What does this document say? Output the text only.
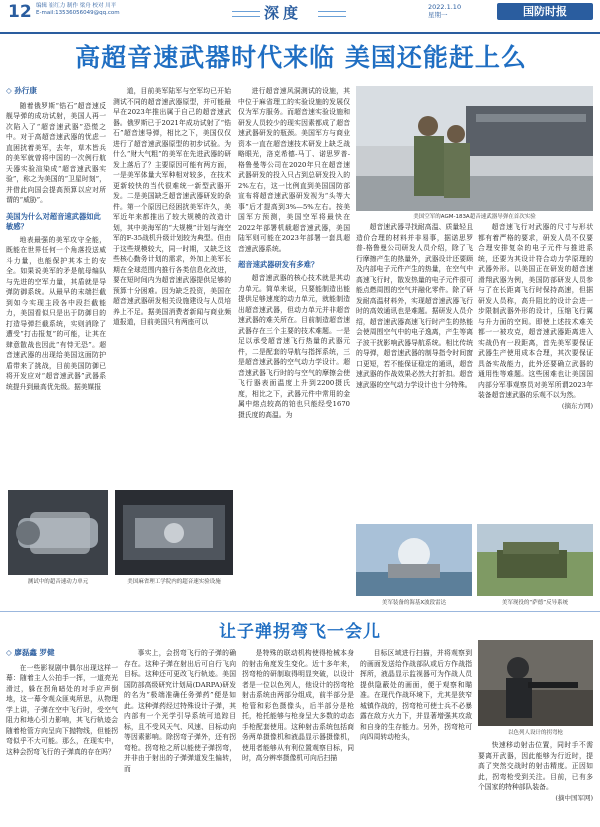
12 编辑 崔红力 制作 梁舟 校对 川平
E-mail:13536056049@qq.com	深度	2022.1.10
星期一	国防时报
高超音速武器时代来临 美国还能赶上么
◇ 孙行康

随着俄罗斯“锆石”超音速反舰导弹的成功试射，美国人再一次陷入了“超音速武器”恐慌之中。对于高超音速武器的忧虑一直困扰着美军，去年，草木皆兵的美军就曾将中国的一次例行航天器实验渲染成“超音速武器实验”，称之为美国的“卫星时刻”，并借此向国会提高预算以应对所谓的“威胁”。

美国为什么对超音速武器如此敏感？

地表最强的美军攻守全能，既能在世界任何一个角落投送威斗力量，也能保护其本土的安全。如果说美军的矛是航母编队与先进的空军力量，其盾就是导弹防御系统。从最早的末端拦截到如今实现主段各中段拦截能力，美国看似只是出于防御目的打造导弹拦截系统，实则消除了遭受“打击报复”的可能，让其在肆意散战也因此“有恃无恐”。超音速武器的出现给美国这面防护盾带来了挑战，目前美国防御已将开发应对“超音速武器”武器系统提升到最高优先级。据美媒报

道，目前美军陆军与空军均已开始测试不同的超音速武器原型，并可能最早在2023年推出属于自己的超音速武器。俄罗斯已于2021年成功试射了“锆石”超音速导弹，相比之下，美国仅仅进行了超音速武器原型的初步试验。为什么“财大气粗”的美军在先进武器的研发上落后了？主要原因可能有两方面，一是美军体量大军种相对较多，在技术更新较快的当代很难统一新型武器开发。二是美国缺乏超音速武器研发的条件。第一个原因已经困扰美军许久，美军近年来都推出了较大规模的改造计划，其中美海军的“大规模”计划与海空军的F-35战机升级计划较为典型。但由于这些规模较大，同一时期，又缺乏这些核心勤务计划的需求，外加上美军长期在全球范围内推行各类信息化改进，要在短时间内为超音速武器提供足够的预算十分困难。因为缺乏投资，美国在超音速武器研发相关设施建设与人员培养上不足。据美国消费者新闻与商业频道报道，目前美国只有两座可以

进行超音速风洞测试的设施，其中位于麻省理工的实验设施的发展仅仅为军方服务。而超音速实验设施和研发人员较少的现实因素都成了超音速武器研发的瓶颈。美国军方与商业资本一直在超音速技术研发上缺乏战略眼光，洛克希德-马丁、诺思罗普-格鲁曼等公司在2020年只在超音速武器研发的投入只占到总研发投入的2%左右，这一比例直到美国国防部宣布将超音速武器研发视为“头等大事”后才提高到3%—5%左右。按美国军方预测，美国空军将最快在2022年部署机载超音速武器，美国陆军则可能在2023年部署一套具超音速武器系统。

超音速武器研发有多难？

超音速武器的核心技术就是其动力单元。简单来说，只要能制造出能提供足够速度的动力单元，就能制造出超音速武器，但动力单元并非超音速武器的难关所在。目前制造超音速武器存在三个主要的技术难题。一是足以承受超音速飞行热量的武器元件，二是配套的导航与指挥系统，三是超音速武器的空气动力学设计。超音速武器飞行时的与空气的摩擦会使飞行器表面温度上升到2200摄氏度，相比之下，武器元件中常用的金属中熔点较高的铂也只能经受1670摄氏度的高温。为

美国空军的AGM-183A超音速武器导弹在首次实验

超音速武器寻找耐高温、质量轻且造价合理的材料并非易事，据诺思罗普-格鲁曼公司研发人员介绍，除了飞行摩擦产生的热量外，武器设计还要顾及内部电子元件产生的热量，在空气中高速飞行时，散发热量的电子元件很可能点燃周围的空气并融化零件。除了研发耐高温材料外，实现超音速武器飞行时的高效通讯也是难题。据研发人员介绍，超音速武器高速飞行时产生的热能会使周围空气中的电子逸离，产生等离子波干扰影响武器导航系统。相比传统的导弹，超音速武器的制导指令时间窗口更短，若不能保证稳定的通讯，超音速武器的作战效果必然大打折扣。超音速武器的空气动力学设计也十分特殊。

超音速飞行对武器的尺寸与形状都有着严格的要求，研发人员不仅要合理安排复杂的电子元件与推进系统，还要为其设计符合动力学原理的武器外形。以美国正在研发的超音速滑翔武器为例，美国防部研发人员参与了在长距离飞行时保持高速，但据研发人员称，高升阻比的设计会进一步限制武器外形的设计，压缩飞行翼与升力面的空间。即使上述技术难关都一一被攻克，超音速武器距离进入实战仍有一段距离，首先美军要保证武器生产使用成本合理，其次要保证具备实战能力，此外还要确立武器的通用性等难题。这些困难也让美国国内部分军事观察员对美军所谓2023年装备超音速武器的乐观不以为然。

(摘东方网)
测试中的超音速动力单元	美国麻省理工学院内的超音速实验设施
美军装备的海基X波段雷达	美军现役的“萨德”反导系统
让子弹拐弯飞一会儿
◇ 廖磊鑫 罗健

在一些影视剧中偶尔出现这样一幕：随着主人公拍手一挥，一道亮光滑过，躲在拐角暗处的对手应声倒地，这一幕令观众匪夷所思，从物理学上讲，子弹在空中飞行时，受空气阻力和地心引力影响，其飞行轨迹会随着枪管方向呈向下抛物线，但能拐弯似乎不大可能。那么，在现实中，这种会拐弯飞行的子弹真的存在吗？

事实上，会拐弯飞行的子弹的确存在。这种子弹在射出后可自行飞向目标。这种还可更改飞行轨迹。美国国防部高级研究计划局(DARPA)研发的名为“极端准确任务弹药”便是如此。这种弹药经过特殊设计子弹，其内部有一个光学引导系统可追踪目标，且不受风天气、风速、目标动向等因素影响。除拐弯子弹外，还有拐弯枪。拐弯枪之所以能使子弹拐弯，并非由于射出的子弹弹道发生偏转，而

是特殊的联动机构使得枪械本身的射击角度发生变化。近十多年来，拐弯枪的研制取得明显突破，以设计者是一位以色列人，他设计的拐弯枪射击系统由两部分组成，前半部分是枪管和彩色摄像头，后半部分是枪托，枪托能够与枪身呈大多数的动态手枪配套使用。这种射击系统包括商务两单摄像机和液晶显示器摄像机，使用者能够从有利位置观察目标，同时，高分辨率摄像机可向后扫描

目标区域进行扫描，并将观察到的画面发送给作战部队或后方作战指挥所，液晶显示监视器可为作战人员提供隐蔽处的画面，便于观察和瞄准。在现代作战环境下，尤其是狭窄城镇作战的，拐弯枪可使士兵不必暴露在敌方火力下，并显著增强其攻敌和自身的生存能力。另外，拐弯枪可向四周转动枪头，	以色列人设计的拐弯枪

快速移动射击位置，同时手不需要离开武器，因此能够为行近时，提高了突然交战时的射击精度。正因如此，拐弯枪受到关注。目前，已有多个国家的特种部队装备。

(摘中国军网)
